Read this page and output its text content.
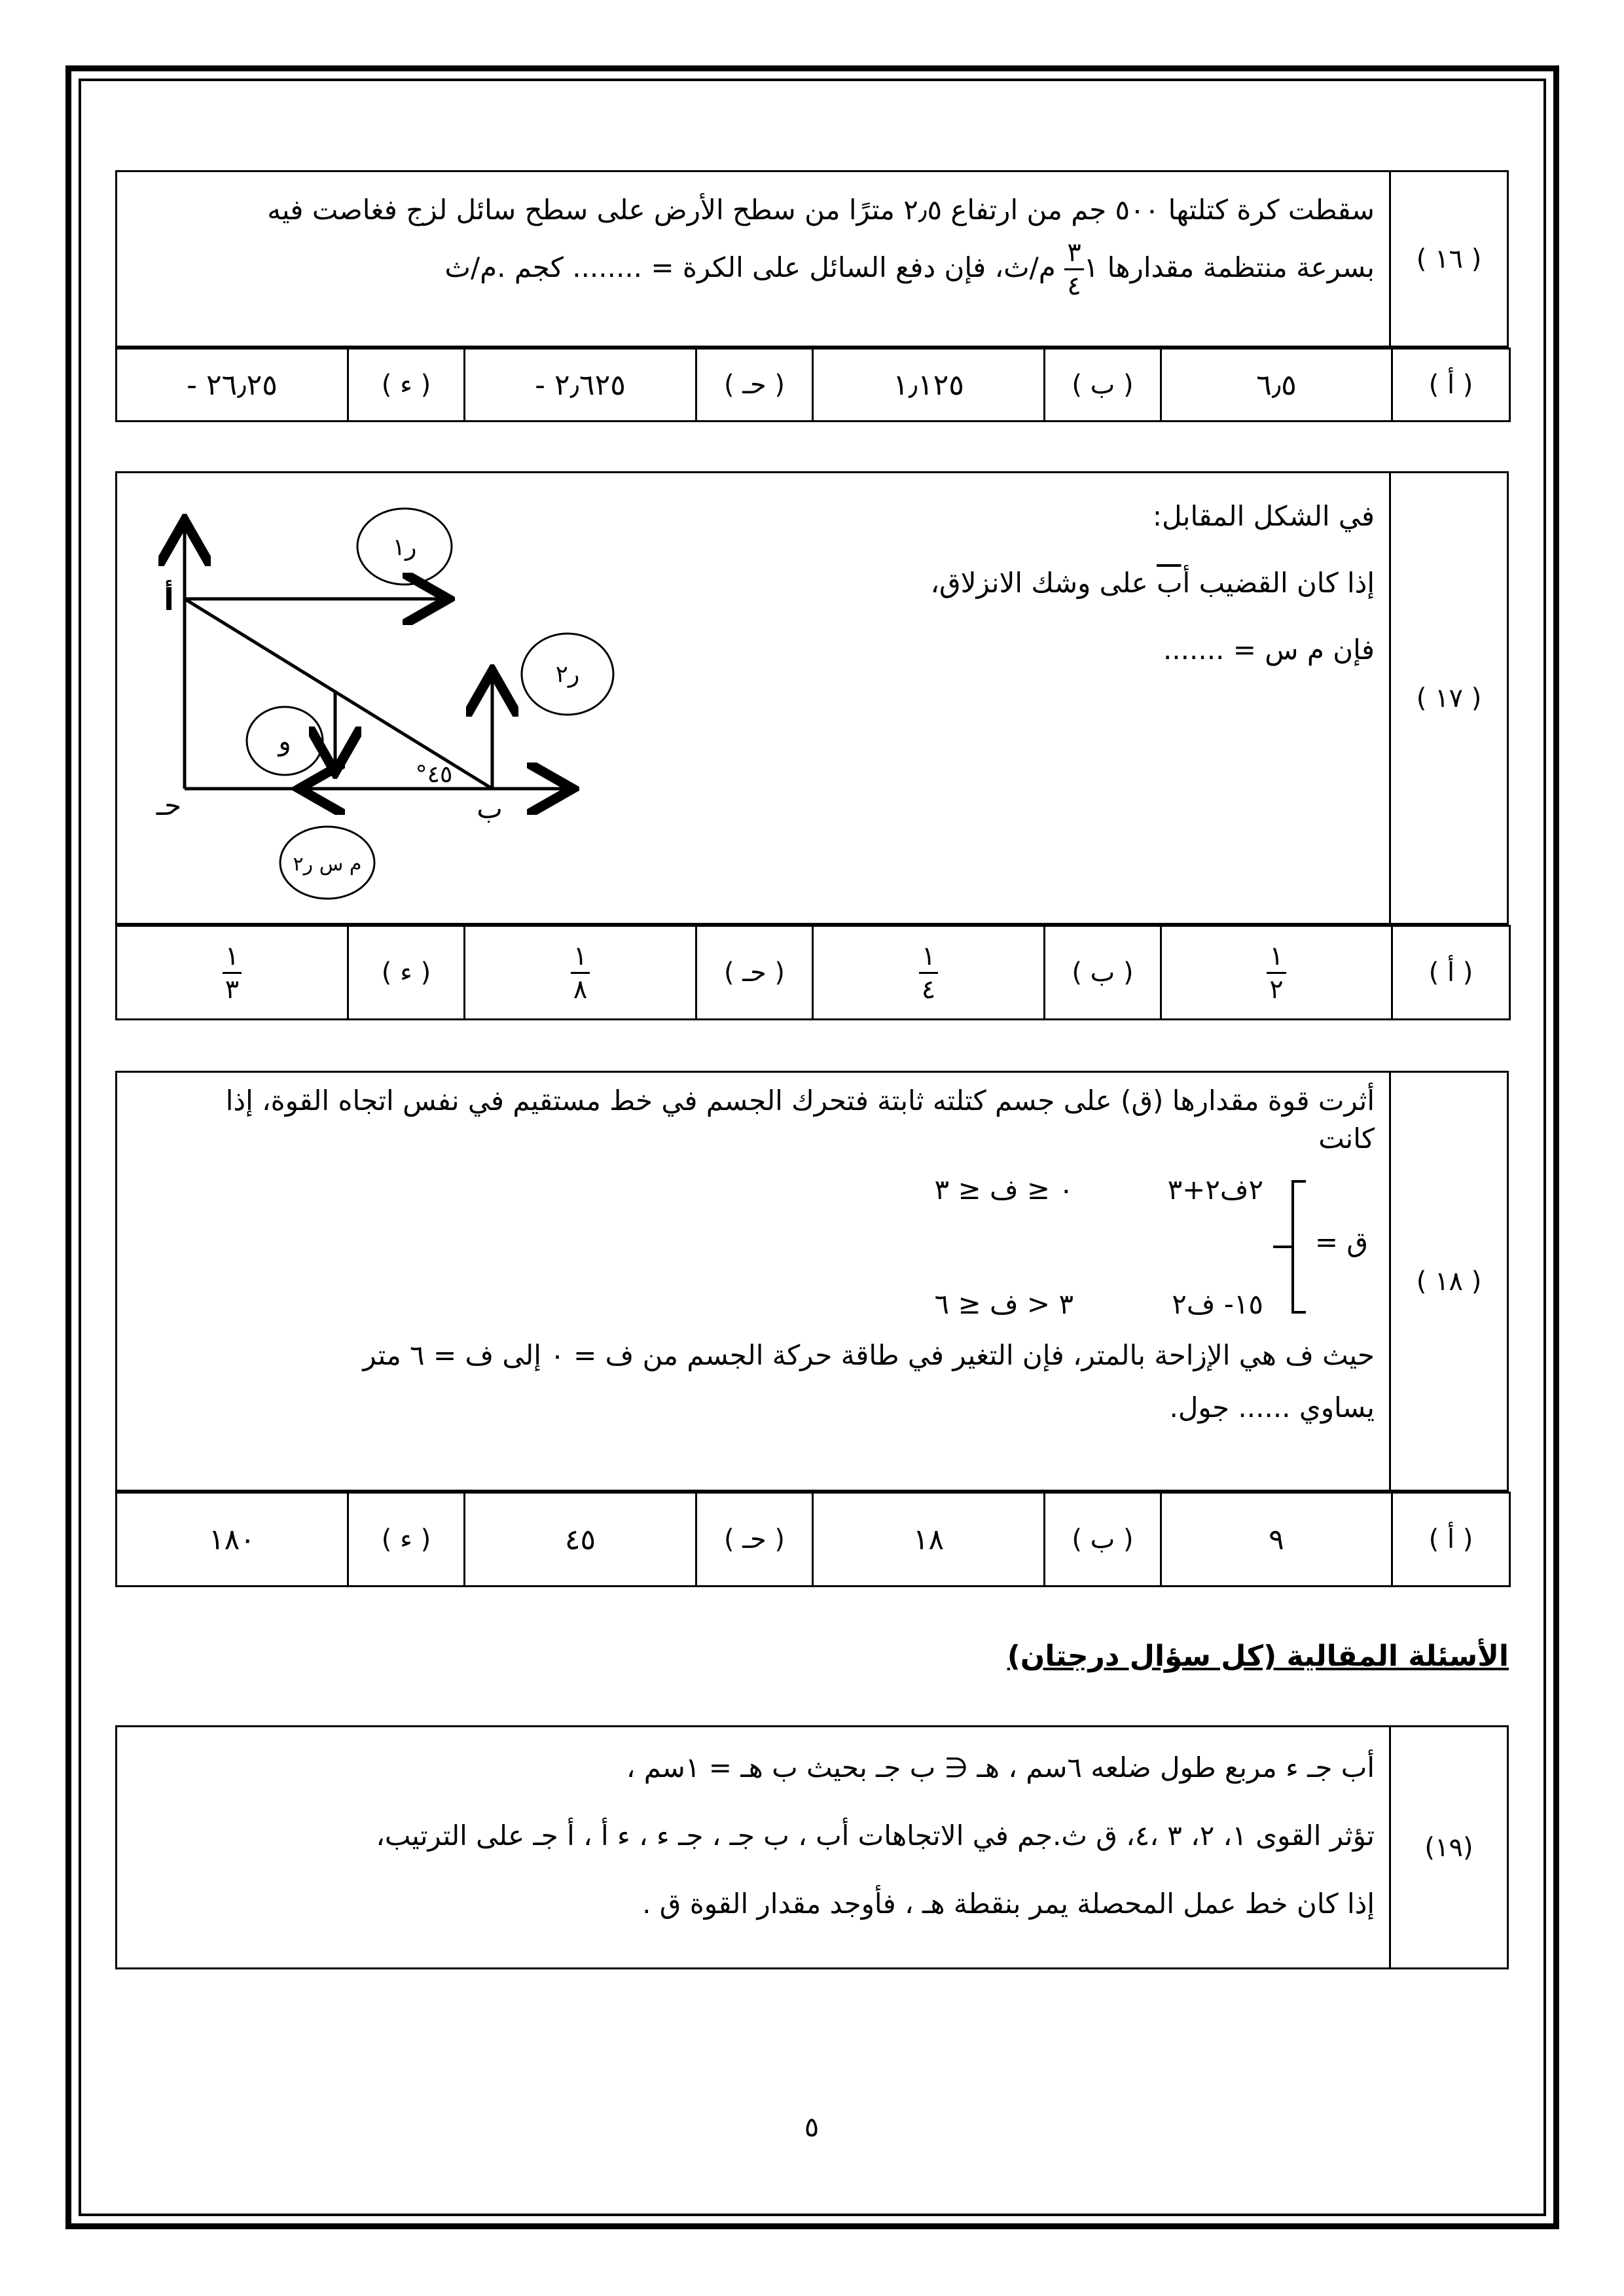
سقطت كرة كتلتها ٥٠٠ جم من ارتفاع ٢٫٥ مترًا من سطح الأرض على سطح سائل لزج فغاصت فيه
بسرعة منتظمة مقدارها ١
$\frac{٣}{٤}$
م/ث، فإن دفع السائل على الكرة = ........ كجم .م/ث	( ١٦ )
- ٢٦٫٢٥	( ء )	- ٢٫٦٢٥	( حـ )	١٫١٢٥	( ب )	٦٫٥	( أ )
في الشكل المقابل:
إذا كان القضيب أب على وشك الانزلاق،
فإن م س = .......
	( ١٧ )
$\frac{١}{٣}$	( ء )	$\frac{١}{٨}$	( حـ )	$\frac{١}{٤}$	( ب )	$\frac{١}{٢}$	( أ )
أ
ب
حـ
°٤٥
ر١
ر٢
و
م س ر٢
أثرت قوة مقدارها (ق) على جسم كتلته ثابتة فتحرك الجسم في خط مستقيم في نفس اتجاه القوة، إذا
كانت
ق =
٢ف٢+٣
٠ ≤ ف ≤ ٣
١٥- ف٢
٣ < ف ≤ ٦
حيث ف هي الإزاحة بالمتر، فإن التغير في طاقة حركة الجسم من ف = ٠ إلى ف = ٦ متر
يساوي ...... جول.
	( ١٨ )
١٨٠	( ء )	٤٥	( حـ )	١٨	( ب )	٩	( أ )
الأسئلة المقالية (كل سؤال درجتان)
أب جـ ء مربع طول ضلعه ٦سم ، هـ ∈ ب جـ بحيث ب هـ = ١سم ،
تؤثر القوى ١، ٢، ٣ ،٤، ق ث.جم في الاتجاهات أب ، ب جـ ، جـ ء ، ء أ ، أ جـ على الترتيب،
إذا كان خط عمل المحصلة يمر بنقطة هـ ، فأوجد مقدار القوة ق .
	(١٩)
٥
